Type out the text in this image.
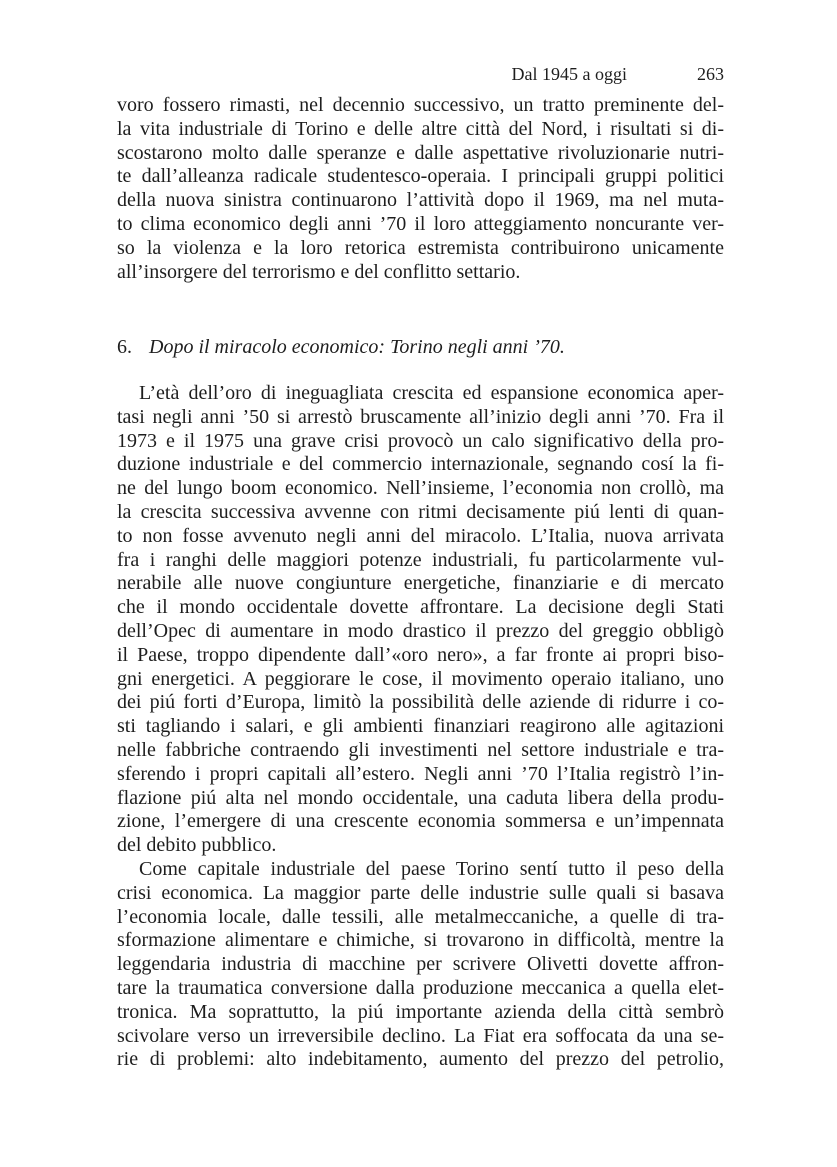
Dal 1945 a oggi	263
voro fossero rimasti, nel decennio successivo, un tratto preminente del-
la vita industriale di Torino e delle altre città del Nord, i risultati si di-
scostarono molto dalle speranze e dalle aspettative rivoluzionarie nutri-
te dall’alleanza radicale studentesco-operaia. I principali gruppi politici
della nuova sinistra continuarono l’attività dopo il 1969, ma nel muta-
to clima economico degli anni ’70 il loro atteggiamento noncurante ver-
so la violenza e la loro retorica estremista contribuirono unicamente
all’insorgere del terrorismo e del conflitto settario.
6. Dopo il miracolo economico: Torino negli anni ’70.
L’età dell’oro di ineguagliata crescita ed espansione economica aper-
tasi negli anni ’50 si arrestò bruscamente all’inizio degli anni ’70. Fra il
1973 e il 1975 una grave crisi provocò un calo significativo della pro-
duzione industriale e del commercio internazionale, segnando cosí la fi-
ne del lungo boom economico. Nell’insieme, l’economia non crollò, ma
la crescita successiva avvenne con ritmi decisamente piú lenti di quan-
to non fosse avvenuto negli anni del miracolo. L’Italia, nuova arrivata
fra i ranghi delle maggiori potenze industriali, fu particolarmente vul-
nerabile alle nuove congiunture energetiche, finanziarie e di mercato
che il mondo occidentale dovette affrontare. La decisione degli Stati
dell’Opec di aumentare in modo drastico il prezzo del greggio obbligò
il Paese, troppo dipendente dall’«oro nero», a far fronte ai propri biso-
gni energetici. A peggiorare le cose, il movimento operaio italiano, uno
dei piú forti d’Europa, limitò la possibilità delle aziende di ridurre i co-
sti tagliando i salari, e gli ambienti finanziari reagirono alle agitazioni
nelle fabbriche contraendo gli investimenti nel settore industriale e tra-
sferendo i propri capitali all’estero. Negli anni ’70 l’Italia registrò l’in-
flazione piú alta nel mondo occidentale, una caduta libera della produ-
zione, l’emergere di una crescente economia sommersa e un’impennata
del debito pubblico.
Come capitale industriale del paese Torino sentí tutto il peso della
crisi economica. La maggior parte delle industrie sulle quali si basava
l’economia locale, dalle tessili, alle metalmeccaniche, a quelle di tra-
sformazione alimentare e chimiche, si trovarono in difficoltà, mentre la
leggendaria industria di macchine per scrivere Olivetti dovette affron-
tare la traumatica conversione dalla produzione meccanica a quella elet-
tronica. Ma soprattutto, la piú importante azienda della città sembrò
scivolare verso un irreversibile declino. La Fiat era soffocata da una se-
rie di problemi: alto indebitamento, aumento del prezzo del petrolio,
